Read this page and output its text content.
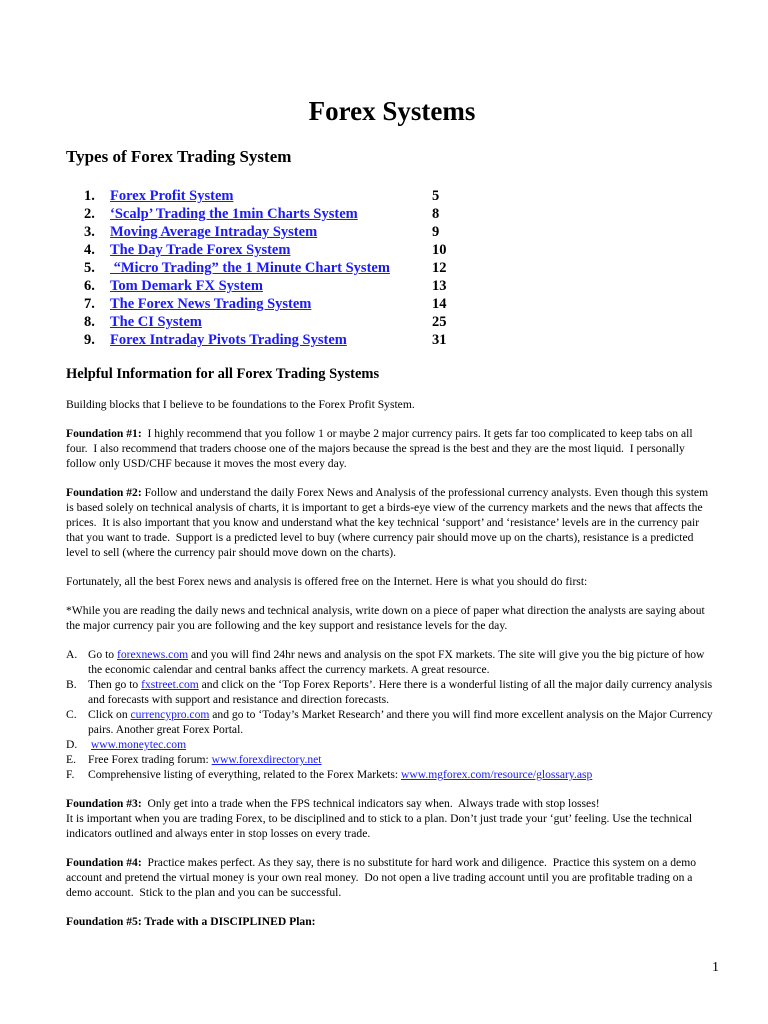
Forex Systems
Types of Forex Trading System
1.	Forex Profit System	5
2.	‘Scalp’ Trading the 1min Charts System	8
3.	Moving Average Intraday System	9
4.	The Day Trade Forex System	10
5.	“Micro Trading” the 1 Minute Chart System	12
6.	Tom Demark FX System	13
7.	The Forex News Trading System	14
8.	The CI System	25
9.	Forex Intraday Pivots Trading System	31
Helpful Information for all Forex Trading Systems

Building blocks that I believe to be foundations to the Forex Profit System.

Foundation #1:  I highly recommend that you follow 1 or maybe 2 major currency pairs. It gets far too complicated to keep tabs on all four.  I also recommend that traders choose one of the majors because the spread is the best and they are the most liquid.  I personally follow only USD/CHF because it moves the most every day.

Foundation #2: Follow and understand the daily Forex News and Analysis of the professional currency analysts. Even though this system is based solely on technical analysis of charts, it is important to get a birds-eye view of the currency markets and the news that affects the prices.  It is also important that you know and understand what the key technical ‘support’ and ‘resistance’ levels are in the currency pair that you want to trade.  Support is a predicted level to buy (where currency pair should move up on the charts), resistance is a predicted level to sell (where the currency pair should move down on the charts).

Fortunately, all the best Forex news and analysis is offered free on the Internet. Here is what you should do first:

*While you are reading the daily news and technical analysis, write down on a piece of paper what direction the analysts are saying about the major currency pair you are following and the key support and resistance levels for the day.

A. Go to forexnews.com and you will find 24hr news and analysis on the spot FX markets. The site will give you the big picture of how the economic calendar and central banks affect the currency markets. A great resource.
B. Then go to fxstreet.com and click on the ‘Top Forex Reports’. Here there is a wonderful listing of all the major daily currency analysis and forecasts with support and resistance and direction forecasts.
C. Click on currencypro.com and go to ‘Today’s Market Research’ and there you will find more excellent analysis on the Major Currency pairs. Another great Forex Portal.
D.	www.moneytec.com
E.	Free Forex trading forum: www.forexdirectory.net
F.	Comprehensive listing of everything, related to the Forex Markets: www.mgforex.com/resource/glossary.asp

Foundation #3:  Only get into a trade when the FPS technical indicators say when.  Always trade with stop losses!
It is important when you are trading Forex, to be disciplined and to stick to a plan. Don’t just trade your ‘gut’ feeling. Use the technical indicators outlined and always enter in stop losses on every trade.

Foundation #4:  Practice makes perfect. As they say, there is no substitute for hard work and diligence.  Practice this system on a demo account and pretend the virtual money is your own real money.  Do not open a live trading account until you are profitable trading on a demo account.  Stick to the plan and you can be successful.

Foundation #5: Trade with a DISCIPLINED Plan:

1
